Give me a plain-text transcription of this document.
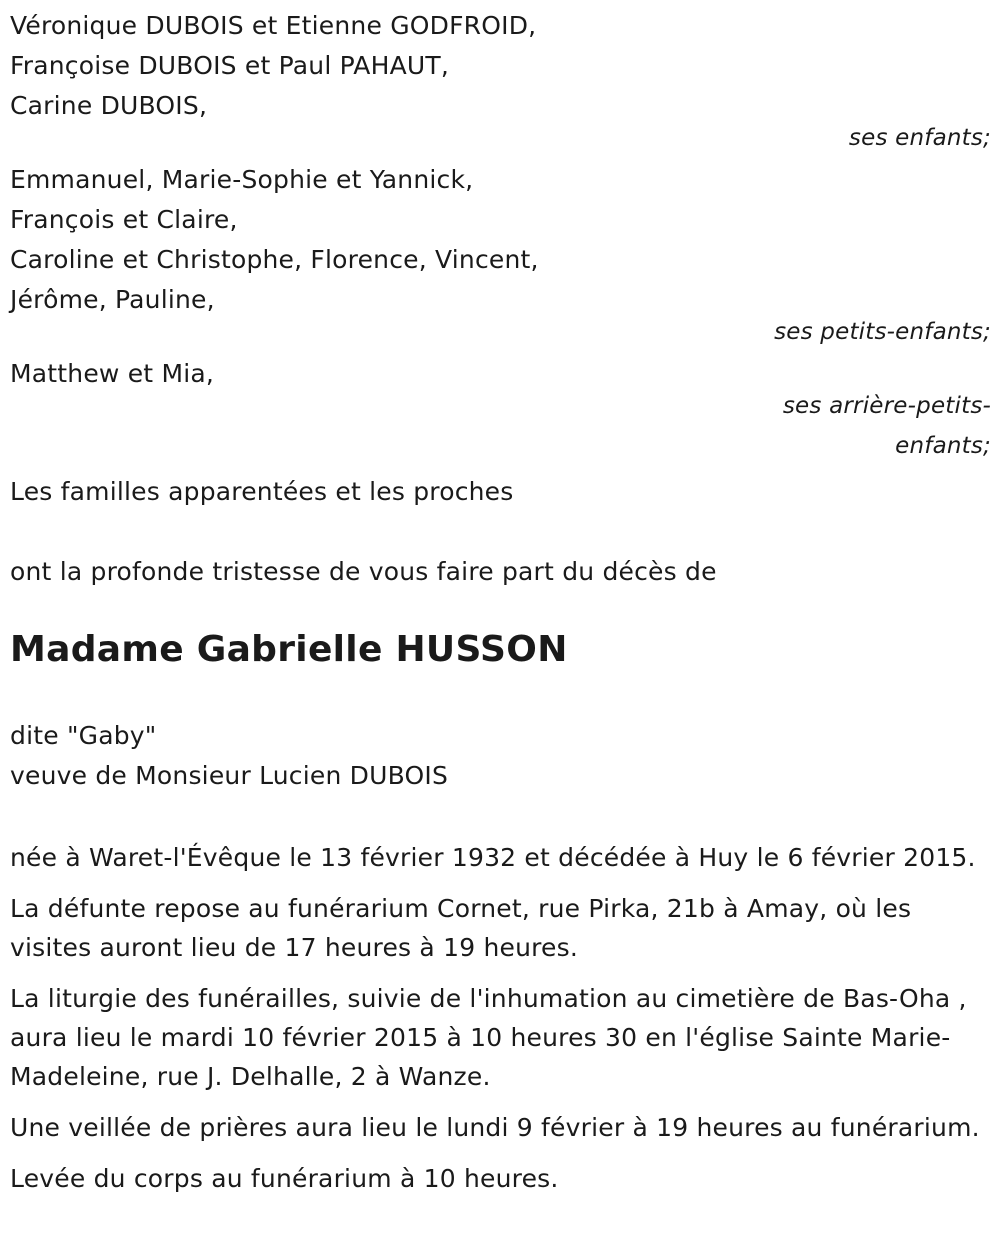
Véronique DUBOIS et Etienne GODFROID,
Françoise DUBOIS et Paul PAHAUT,
Carine DUBOIS,
ses enfants;
Emmanuel, Marie-Sophie et Yannick,
François et Claire,
Caroline et Christophe, Florence, Vincent,
Jérôme, Pauline,
ses petits-enfants;
Matthew et Mia,
ses arrière-petits-
enfants;
Les familles apparentées et les proches
ont la profonde tristesse de vous faire part du décès de
Madame Gabrielle HUSSON
dite "Gaby"
veuve de Monsieur Lucien DUBOIS
née à Waret-l'Évêque le 13 février 1932 et décédée à Huy le 6 février 2015.
La défunte repose au funérarium Cornet, rue Pirka, 21b à Amay, où les visites auront lieu de 17 heures à 19 heures.
La liturgie des funérailles, suivie de l'inhumation au cimetière de Bas-Oha , aura lieu le mardi 10 février 2015 à 10 heures 30 en l'église Sainte Marie-Madeleine, rue J. Delhalle, 2 à Wanze.
Une veillée de prières aura lieu le lundi 9 février à 19 heures au funérarium.
Levée du corps au funérarium à 10 heures.
